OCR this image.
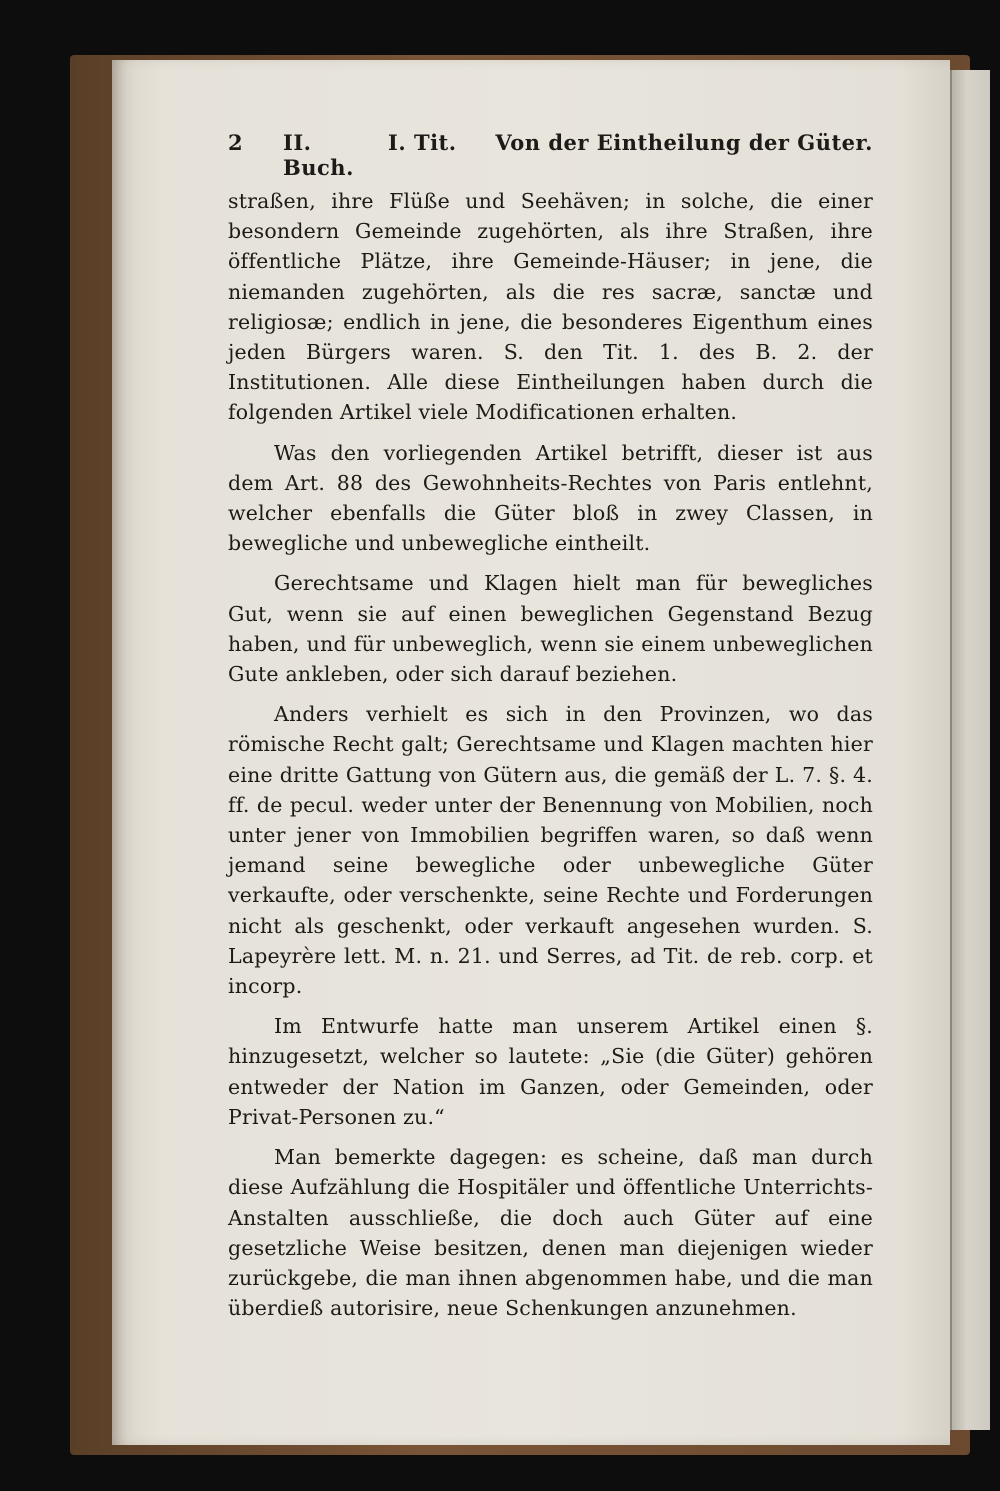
2	II. Buch.
I. Tit.	Von der Eintheilung der Güter.

straßen, ihre Flüße und Seehäven; in solche, die einer besondern Gemeinde zugehörten, als ihre Straßen, ihre öffentliche Plätze, ihre Gemeinde-Häuser; in jene, die niemanden zugehörten, als die res sacræ, sanctæ und religiosæ; endlich in jene, die besonderes Eigenthum eines jeden Bürgers waren. S. den Tit. 1. des B. 2. der Institutionen. Alle diese Eintheilungen haben durch die folgenden Artikel viele Modificationen erhalten.

Was den vorliegenden Artikel betrifft, dieser ist aus dem Art. 88 des Gewohnheits-Rechtes von Paris entlehnt, welcher ebenfalls die Güter bloß in zwey Classen, in bewegliche und unbewegliche eintheilt.

Gerechtsame und Klagen hielt man für bewegliches Gut, wenn sie auf einen beweglichen Gegenstand Bezug haben, und für unbeweglich, wenn sie einem unbeweglichen Gute ankleben, oder sich darauf beziehen.

Anders verhielt es sich in den Provinzen, wo das römische Recht galt; Gerechtsame und Klagen machten hier eine dritte Gattung von Gütern aus, die gemäß der L. 7. §. 4. ff. de pecul. weder unter der Benennung von Mobilien, noch unter jener von Immobilien begriffen waren, so daß wenn jemand seine bewegliche oder unbewegliche Güter verkaufte, oder verschenkte, seine Rechte und Forderungen nicht als geschenkt, oder verkauft angesehen wurden. S. Lapeyrère lett. M. n. 21. und Serres, ad Tit. de reb. corp. et incorp.

Im Entwurfe hatte man unserem Artikel einen §. hinzugesetzt, welcher so lautete: „Sie (die Güter) gehören entweder der Nation im Ganzen, oder Gemeinden, oder Privat-Personen zu.“

Man bemerkte dagegen: es scheine, daß man durch diese Aufzählung die Hospitäler und öffentliche Unterrichts-Anstalten ausschließe, die doch auch Güter auf eine gesetzliche Weise besitzen, denen man diejenigen wieder zurückgebe, die man ihnen abgenommen habe, und die man überdieß autorisire, neue Schenkungen anzunehmen.
